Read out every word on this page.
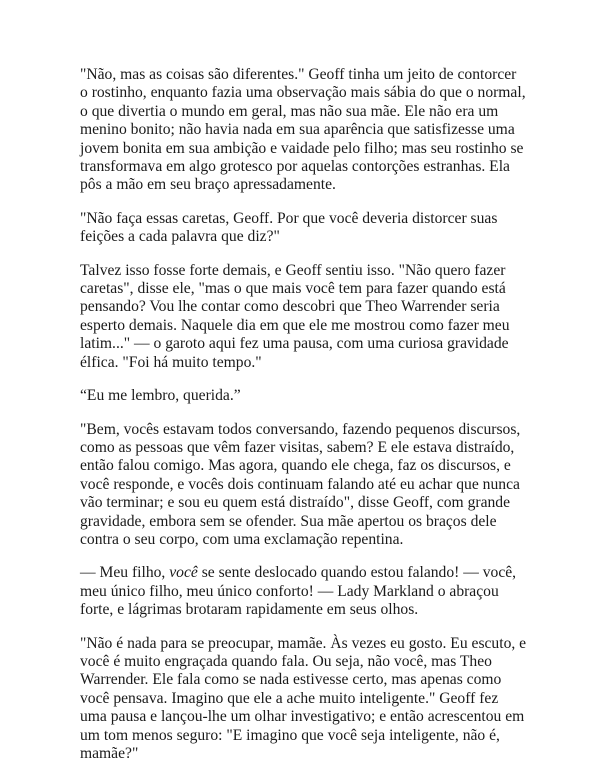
"Não, mas as coisas são diferentes." Geoff tinha um jeito de contorcer o rostinho, enquanto fazia uma observação mais sábia do que o normal, o que divertia o mundo em geral, mas não sua mãe. Ele não era um menino bonito; não havia nada em sua aparência que satisfizesse uma jovem bonita em sua ambição e vaidade pelo filho; mas seu rostinho se transformava em algo grotesco por aquelas contorções estranhas. Ela pôs a mão em seu braço apressadamente.

"Não faça essas caretas, Geoff. Por que você deveria distorcer suas feições a cada palavra que diz?"

Talvez isso fosse forte demais, e Geoff sentiu isso. "Não quero fazer caretas", disse ele, "mas o que mais você tem para fazer quando está pensando? Vou lhe contar como descobri que Theo Warrender seria esperto demais. Naquele dia em que ele me mostrou como fazer meu latim..." — o garoto aqui fez uma pausa, com uma curiosa gravidade élfica. "Foi há muito tempo."

“Eu me lembro, querida.”

"Bem, vocês estavam todos conversando, fazendo pequenos discursos, como as pessoas que vêm fazer visitas, sabem? E ele estava distraído, então falou comigo. Mas agora, quando ele chega, faz os discursos, e você responde, e vocês dois continuam falando até eu achar que nunca vão terminar; e sou eu quem está distraído", disse Geoff, com grande gravidade, embora sem se ofender. Sua mãe apertou os braços dele contra o seu corpo, com uma exclamação repentina.

— Meu filho, você se sente deslocado quando estou falando! — você, meu único filho, meu único conforto! — Lady Markland o abraçou forte, e lágrimas brotaram rapidamente em seus olhos.

"Não é nada para se preocupar, mamãe. Às vezes eu gosto. Eu escuto, e você é muito engraçada quando fala. Ou seja, não você, mas Theo Warrender. Ele fala como se nada estivesse certo, mas apenas como você pensava. Imagino que ele a ache muito inteligente." Geoff fez uma pausa e lançou-lhe um olhar investigativo; e então acrescentou em um tom menos seguro: "E imagino que você seja inteligente, não é, mamãe?"
